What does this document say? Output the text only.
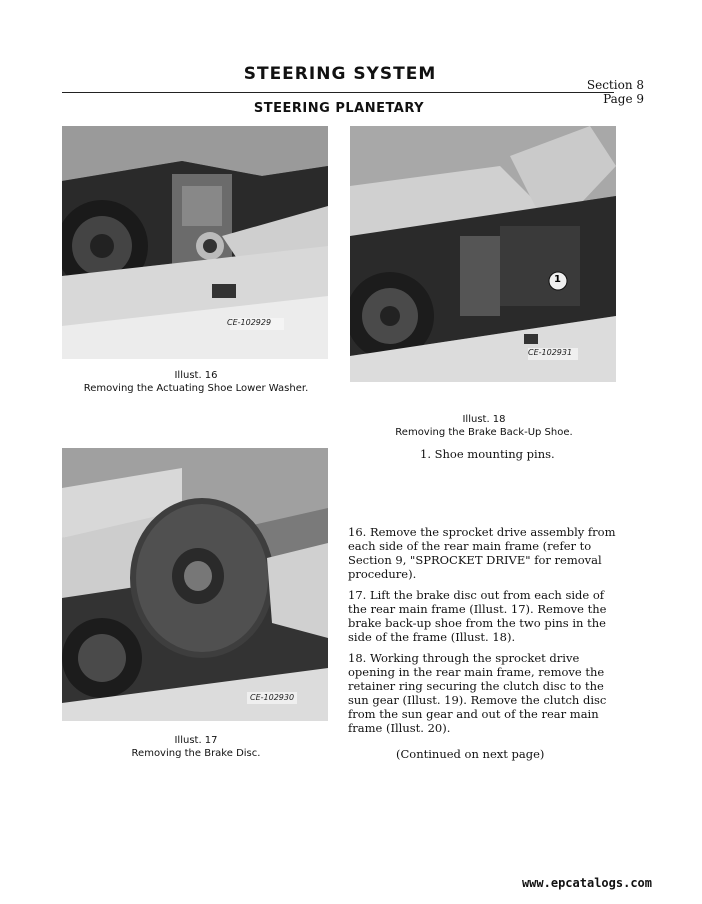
STEERING SYSTEM
Section 8
Page 9
STEERING PLANETARY
CE-102929
Illust. 16
Removing the Actuating Shoe Lower Washer.
1
CE-102931
Illust. 18
Removing the Brake Back-Up Shoe.
1. Shoe mounting pins.
CE-102930
Illust. 17
Removing the Brake Disc.
16. Remove the sprocket drive assembly from each side of the rear main frame (refer to Section 9, "SPROCKET DRIVE" for removal procedure).
17. Lift the brake disc out from each side of the rear main frame (Illust. 17). Remove the brake back-up shoe from the two pins in the side of the frame (Illust. 18).
18. Working through the sprocket drive opening in the rear main frame, remove the retainer ring securing the clutch disc to the sun gear (Illust. 19). Remove the clutch disc from the sun gear and out of the rear main frame (Illust. 20).
(Continued on next page)
www.epcatalogs.com
